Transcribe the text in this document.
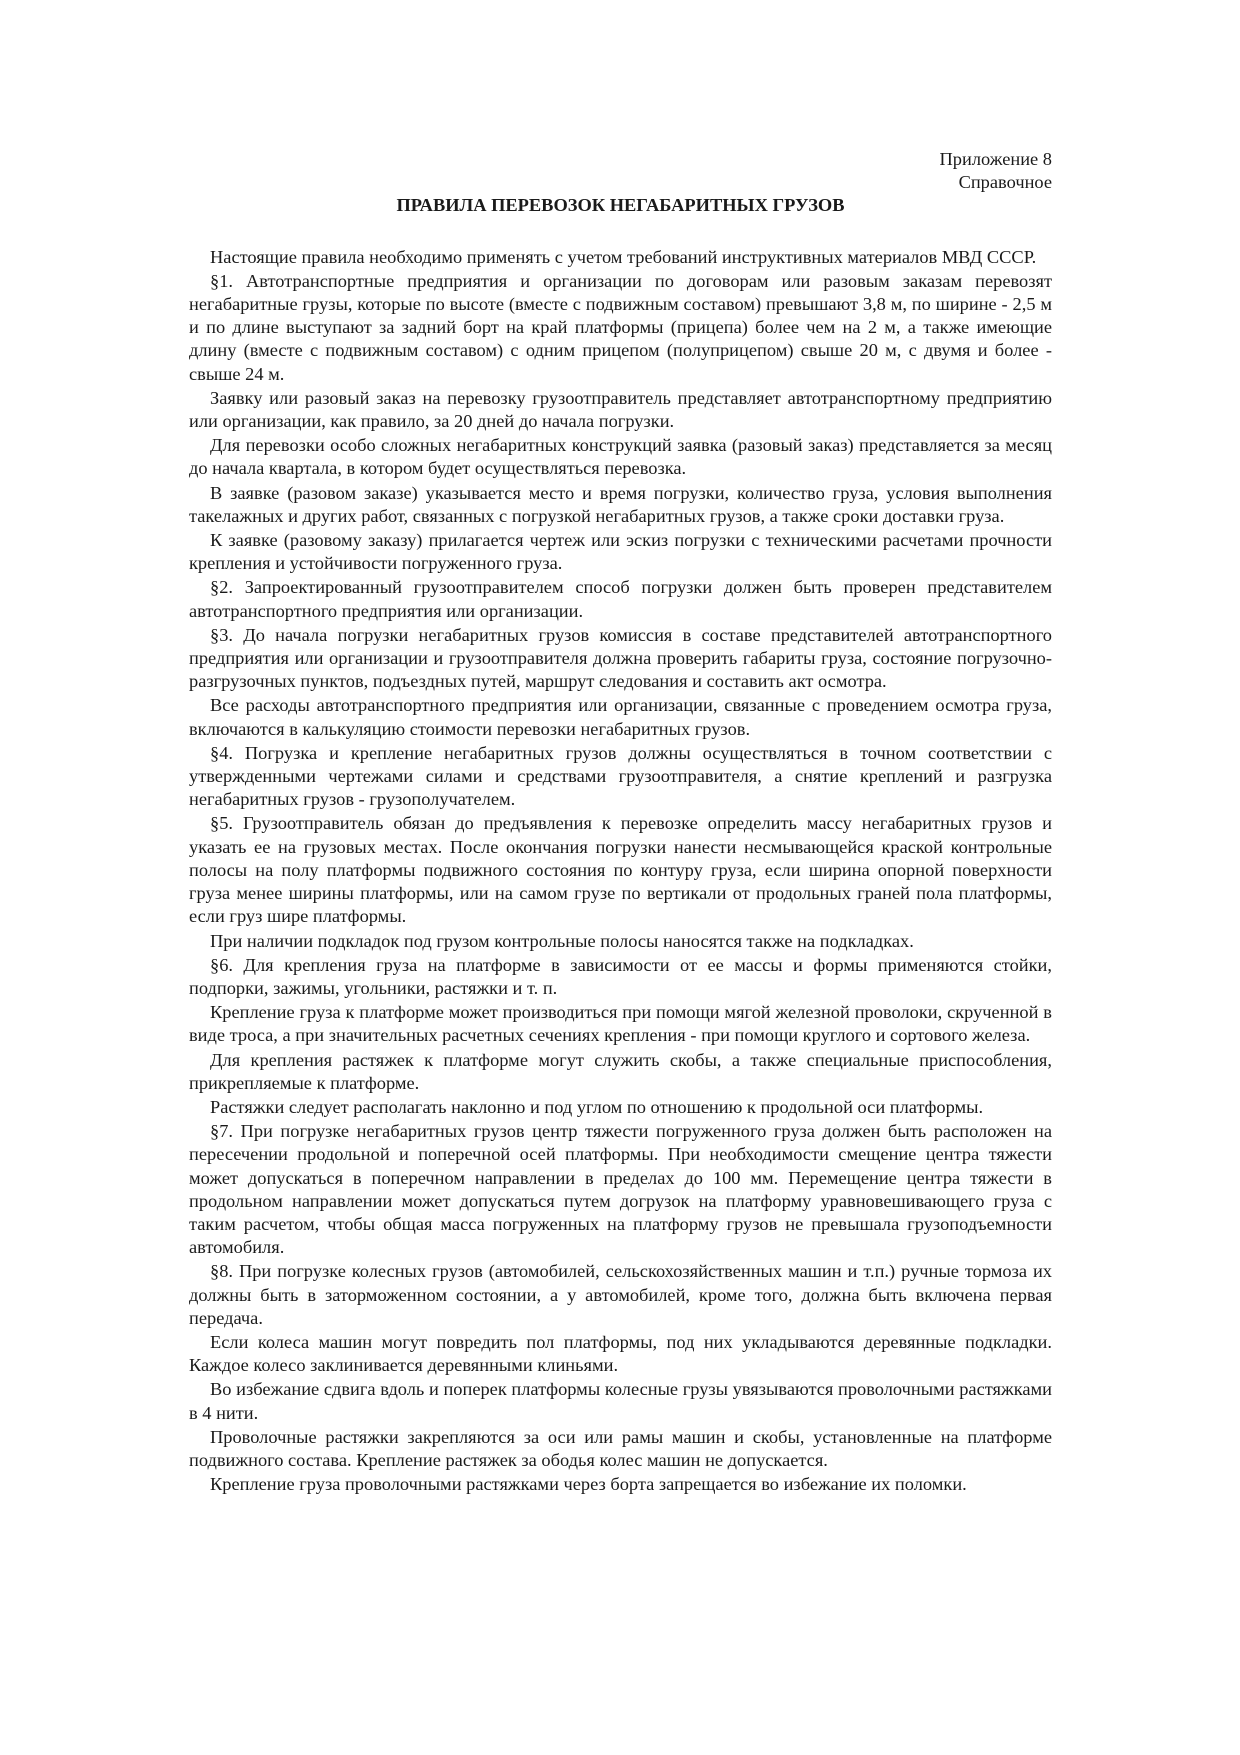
Приложение 8
Справочное
ПРАВИЛА ПЕРЕВОЗОК НЕГАБАРИТНЫХ ГРУЗОВ

Настоящие правила необходимо применять с учетом требований инструктивных материалов МВД СССР.

§1. Автотранспортные предприятия и организации по договорам или разовым заказам перевозят негабаритные грузы, которые по высоте (вместе с подвижным составом) превышают 3,8 м, по ширине - 2,5 м и по длине выступают за задний борт на край платформы (прицепа) более чем на 2 м, а также имеющие длину (вместе с подвижным составом) с одним прицепом (полуприцепом) свыше 20 м, с двумя и более - свыше 24 м.

Заявку или разовый заказ на перевозку грузоотправитель представляет автотранспортному предприятию или организации, как правило, за 20 дней до начала погрузки.

Для перевозки особо сложных негабаритных конструкций заявка (разовый заказ) представляется за месяц до начала квартала, в котором будет осуществляться перевозка.

В заявке (разовом заказе) указывается место и время погрузки, количество груза, условия выполнения такелажных и других работ, связанных с погрузкой негабаритных грузов, а также сроки доставки груза.

К заявке (разовому заказу) прилагается чертеж или эскиз погрузки с техническими расчетами прочности крепления и устойчивости погруженного груза.

§2. Запроектированный грузоотправителем способ погрузки должен быть проверен представителем автотранспортного предприятия или организации.

§3. До начала погрузки негабаритных грузов комиссия в составе представителей автотранспортного предприятия или организации и грузоотправителя должна проверить габариты груза, состояние погрузочно-разгрузочных пунктов, подъездных путей, маршрут следования и составить акт осмотра.

Все расходы автотранспортного предприятия или организации, связанные с проведением осмотра груза, включаются в калькуляцию стоимости перевозки негабаритных грузов.

§4. Погрузка и крепление негабаритных грузов должны осуществляться в точном соответствии с утвержденными чертежами силами и средствами грузоотправителя, а снятие креплений и разгрузка негабаритных грузов - грузополучателем.

§5. Грузоотправитель обязан до предъявления к перевозке определить массу негабаритных грузов и указать ее на грузовых местах. После окончания погрузки нанести несмывающейся краской контрольные полосы на полу платформы подвижного состояния по контуру груза, если ширина опорной поверхности груза менее ширины платформы, или на самом грузе по вертикали от продольных граней пола платформы, если груз шире платформы.

При наличии подкладок под грузом контрольные полосы наносятся также на подкладках.

§6. Для крепления груза на платформе в зависимости от ее массы и формы применяются стойки, подпорки, зажимы, угольники, растяжки и т. п.

Крепление груза к платформе может производиться при помощи мягой железной проволоки, скрученной в виде троса, а при значительных расчетных сечениях крепления - при помощи круглого и сортового железа.

Для крепления растяжек к платформе могут служить скобы, а также специальные приспособления, прикрепляемые к платформе.

Растяжки следует располагать наклонно и под углом по отношению к продольной оси платформы.

§7. При погрузке негабаритных грузов центр тяжести погруженного груза должен быть расположен на пересечении продольной и поперечной осей платформы. При необходимости смещение центра тяжести может допускаться в поперечном направлении в пределах до 100 мм. Перемещение центра тяжести в продольном направлении может допускаться путем догрузок на платформу уравновешивающего груза с таким расчетом, чтобы общая масса погруженных на платформу грузов не превышала грузоподъемности автомобиля.

§8. При погрузке колесных грузов (автомобилей, сельскохозяйственных машин и т.п.) ручные тормоза их должны быть в заторможенном состоянии, а у автомобилей, кроме того, должна быть включена первая передача.

Если колеса машин могут повредить пол платформы, под них укладываются деревянные подкладки. Каждое колесо заклинивается деревянными клиньями.

Во избежание сдвига вдоль и поперек платформы колесные грузы увязываются проволочными растяжками в 4 нити.

Проволочные растяжки закрепляются за оси или рамы машин и скобы, установленные на платформе подвижного состава. Крепление растяжек за ободья колес машин не допускается.

Крепление груза проволочными растяжками через борта запрещается во избежание их поломки.
